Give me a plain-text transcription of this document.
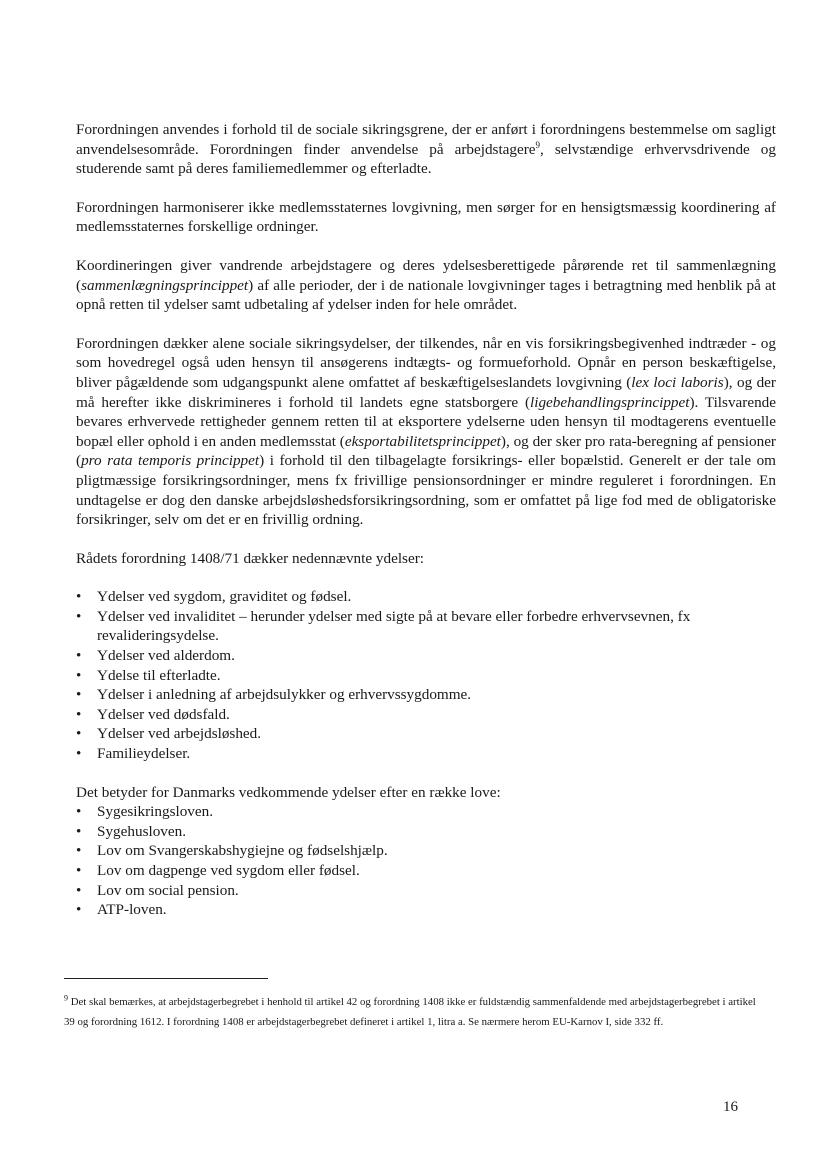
Forordningen anvendes i forhold til de sociale sikringsgrene, der er anført i forordningens bestemmelse om sagligt anvendelsesområde. Forordningen finder anvendelse på arbejdstagere$^9$, selvstændige erhvervsdrivende og studerende samt på deres familiemedlemmer og efterladte.

Forordningen harmoniserer ikke medlemsstaternes lovgivning, men sørger for en hensigtsmæssig koordinering af medlemsstaternes forskellige ordninger.

Koordineringen giver vandrende arbejdstagere og deres ydelsesberettigede pårørende ret til sammenlægning (sammenlægningsprincippet) af alle perioder, der i de nationale lovgivninger tages i betragtning med henblik på at opnå retten til ydelser samt udbetaling af ydelser inden for hele området.

Forordningen dækker alene sociale sikringsydelser, der tilkendes, når en vis forsikringsbegivenhed indtræder - og som hovedregel også uden hensyn til ansøgerens indtægts- og formueforhold. Opnår en person beskæftigelse, bliver pågældende som udgangspunkt alene omfattet af beskæftigelseslandets lovgivning (lex loci laboris), og der må herefter ikke diskrimineres i forhold til landets egne statsborgere (ligebehandlingsprincippet). Tilsvarende bevares erhvervede rettigheder gennem retten til at eksportere ydelserne uden hensyn til modtagerens eventuelle bopæl eller ophold i en anden medlemsstat (eksportabilitetsprincippet), og der sker pro rata-beregning af pensioner (pro rata temporis princippet) i forhold til den tilbagelagte forsikrings- eller bopælstid. Generelt er der tale om pligtmæssige forsikringsordninger, mens fx frivillige pensionsordninger er mindre reguleret i forordningen. En undtagelse er dog den danske arbejdsløshedsforsikringsordning, som er omfattet på lige fod med de obligatoriske forsikringer, selv om det er en frivillig ordning.

Rådets forordning 1408/71 dækker nedennævnte ydelser:

• Ydelser ved sygdom, graviditet og fødsel.
• Ydelser ved invaliditet – herunder ydelser med sigte på at bevare eller forbedre erhvervsevnen, fx revalideringsydelse.
• Ydelser ved alderdom.
• Ydelse til efterladte.
• Ydelser i anledning af arbejdsulykker og erhvervssygdomme.
• Ydelser ved dødsfald.
• Ydelser ved arbejdsløshed.
• Familieydelser.

Det betyder for Danmarks vedkommende ydelser efter en række love:

• Sygesikringsloven.
• Sygehusloven.
• Lov om Svangerskabshygiejne og fødselshjælp.
• Lov om dagpenge ved sygdom eller fødsel.
• Lov om social pension.
• ATP-loven.
$^9$ Det skal bemærkes, at arbejdstagerbegrebet i henhold til artikel 42 og forordning 1408 ikke er fuldstændig sammenfaldende med arbejdstagerbegrebet i artikel 39 og forordning 1612. I forordning 1408 er arbejdstagerbegrebet defineret i artikel 1, litra a. Se nærmere herom EU-Karnov I, side 332 ff.
16
